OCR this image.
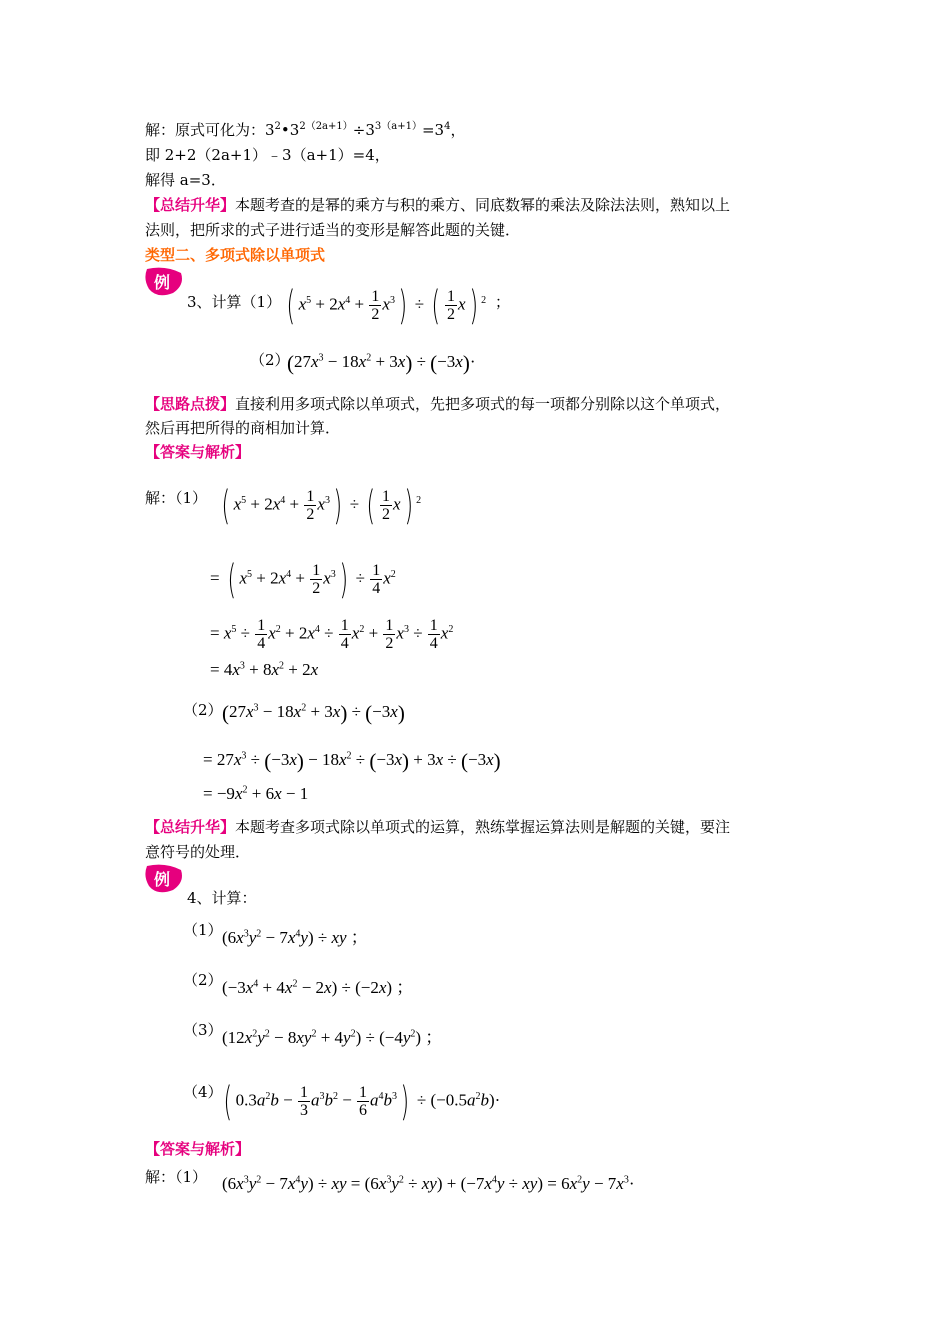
解：原式可化为：$3^2•3^{2(2a+1)}\div 3^{3(a+1)}=3^4$，
即 2+2（2a+1）﹣3（a+1）=4，
解得 a=3．
【总结升华】本题考查的是幂的乘方与积的乘方、同底数幂的乘法及除法法则，熟知以上
法则，把所求的式子进行适当的变形是解答此题的关键．
类型二、多项式除以单项式
例
3、计算（1） ( $x^5 + 2x^4 + \frac{1}{2} x^3$) ÷ ( $\frac{1}{2} x$) $^2$ ；
（2）
$(27x^3 - 18x^2 + 3x) \div (-3x)\cdot$
【思路点拨】直接利用多项式除以单项式，先把多项式的每一项都分别除以这个单项式，
然后再把所得的商相加计算．
【答案与解析】
解：（1） ( $x^5 + 2x^4 + \frac{1}{2} x^3$) ÷ ( $\frac{1}{2} x$) $^2$
= ( $x^5 + 2x^4 + \frac{1}{2} x^3) \div \frac{1}{4} x^2$
= $x^5 \div \frac{1}{4} x^2 + 2x^4 \div \frac{1}{4} x^2 + \frac{1}{2} x^3 \div \frac{1}{4} x^2$
= $4x^3 + 8x^2 + 2x$
（2） $(27x^3 - 18x^2 + 3x) \div (-3x)$
= $27x^3 \div (-3x) - 18x^2 \div (-3x) + 3x \div (-3x)$
= $-9x^2 + 6x - 1$
【总结升华】本题考查多项式除以单项式的运算，熟练掌握运算法则是解题的关键，要注
意符号的处理．
例
4、计算：
（1） $(6x^3y^2 - 7x^4y)$ ÷ xy ；
（2） $(-3x^4 + 4x^2 - 2x) \div (-2x)$ ；
（3） $(12x^2y^2 - 8xy^2 + 4y^2) \div (-4y^2)$ ；
（4） ( $0.3a^2b - \frac{1}{3} a^3b^2 - \frac{1}{6} a^4b^3) \div (-0.5a^2b)\cdot$
【答案与解析】
解：（1） $(6x^3y^2 - 7x^4y)$ ÷ xy = $(6x^3y^2 \div xy) + (-7x^4y \div xy) = 6x^2y - 7x^3\cdot$
